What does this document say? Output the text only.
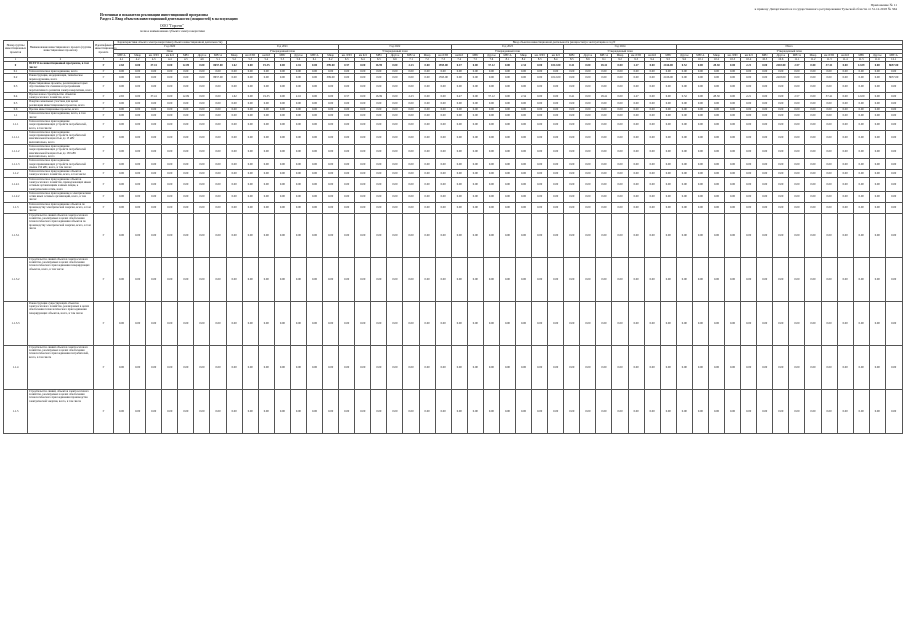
Приложение № 11
к приказу Департамента и государственного регулирования Тульской области от 31.12.2018 № 364
Источники и показатели реализации инвестиционной программы
Раздел 2. Ввод объектов инвестиционной деятельности (мощностей) в эксплуатацию
ООО "Горсети"
полное наименование субъекта электроэнергетики
Номер группы инвестиционных проектов	Наименование инвестиционного проекта (группы инвестиционных проектов)	Идентификатор инвестиционного проекта	Характеристики объекта электроэнергетики (объекта инвестиционной деятельности)							Ввод объектов инвестиционной деятельности (мощностей) в эксплуатацию в год N																																									
			Год 2020							Год 2021							Год 2022							Год 2023							Год 2024							Итого													
			План							Утвержденный план							Утвержденный план							Утвержденный план							Утвержденный план							Утвержденный план													
			МВ×А	Мвар	км ЛЭП	км КЛ	МВт	Другое	МВ×А	Мвар	км ЛЭП	км КЛ	МВт	Другое	МВ×А	Мвар	км ЛЭП	км КЛ	МВт	Другое	МВ×А	Мвар	км ЛЭП	км КЛ	МВт	Другое	МВ×А	Мвар	км ЛЭП	км КЛ	МВт	Другое	МВ×А	Мвар	км ЛЭП	км КЛ	МВт	Другое	МВ×А	Мвар	км ЛЭП	км КЛ	МВт	Другое	МВ×А	Мвар	км ЛЭП	км КЛ	МВт	Другое	МВ×А
1	2	3	4.1	4.2	4.3	4.4	4.5	4.6	5.1	5.2	5.3	5.4	5.5	5.6	6.1	6.2	6.3	6.4	6.5	6.6	7.1	7.2	7.3	7.4	7.5	7.6	8.1	8.2	8.3	8.4	8.5	8.6	9.1	9.2	9.3	9.4	9.5	9.6	10.1	10.2	10.3	10.4	10.5	10.6	11.1	11.2	11.3	11.4	11.5	11.6	12.1
0	ВСЕГО по инвестиционной программе, в том числе:	Г	2.65	0.00	37.41	0.00	12.09	0.00	8657.00	1.62	0.00	19.35	0.00	2.16	0.00	399.00	0.57	0.00	16.99	0.00	2.23	0.00	1595.00	0.47	0.00	37.12	0.00	2.34	0.00	1012.00	0.41	0.00	18.41	0.00	2.27	0.00	2166.00	0.52	0.00	28.30	0.00	2.21	0.00	2418.00	2.57	0.00	37.41	0.00	12.09	0.00	8657.00
0.1	Технологическое присоединение, всего	Г	0.00	0.00	0.00	0.00	0.00	0.00	0.00	0.00	0.00	0.00	0.00	0.00	0.00	0.00	0.00	0.00	0.00	0.00	0.00	0.00	0.00	0.00	0.00	0.00	0.00	0.00	0.00	0.00	0.00	0.00	0.00	0.00	0.00	0.00	0.00	0.00	0.00	0.00	0.00	0.00	0.00	0.00	0.00	0.00	0.00	0.00	0.00	0.00	0.00
0.2	Реконструкция, модернизация, техническое перевооружение, всего	Г	0.00	0.00	0.00	0.00	0.00	0.00	8657.00	0.00	0.00	0.00	0.00	0.00	0.00	399.00	0.00	0.00	0.00	0.00	0.00	0.00	1595.00	0.00	0.00	0.00	0.00	0.00	0.00	1012.00	0.00	0.00	0.00	0.00	0.00	0.00	2166.00	0.00	0.00	0.00	0.00	0.00	0.00	2418.00	0.00	0.00	0.00	0.00	0.00	0.00	8657.00
0.3	Инвестиционные проекты, реализация которых обуславливается схемами и программами перспективного развития электроэнергетики, всего	Г	0.00	0.00	0.00	0.00	0.00	0.00	0.00	0.00	0.00	0.00	0.00	0.00	0.00	0.00	0.00	0.00	0.00	0.00	0.00	0.00	0.00	0.00	0.00	0.00	0.00	0.00	0.00	0.00	0.00	0.00	0.00	0.00	0.00	0.00	0.00	0.00	0.00	0.00	0.00	0.00	0.00	0.00	0.00	0.00	0.00	0.00	0.00	0.00	0.00
0.4	Прочее новое строительство объектов электросетевого хозяйства, всего	Г	2.65	0.00	37.41	0.00	12.09	0.00	0.00	1.62	0.00	19.35	0.00	2.16	0.00	0.00	0.57	0.00	16.99	0.00	2.23	0.00	0.00	0.47	0.00	37.12	0.00	2.34	0.00	0.00	0.41	0.00	18.41	0.00	2.27	0.00	0.00	0.52	0.00	28.30	0.00	2.21	0.00	0.00	2.57	0.00	37.41	0.00	12.09	0.00	0.00
0.5	Покупка земельных участков для целей реализации инвестиционных проектов, всего	Г	0.00	0.00	0.00	0.00	0.00	0.00	0.00	0.00	0.00	0.00	0.00	0.00	0.00	0.00	0.00	0.00	0.00	0.00	0.00	0.00	0.00	0.00	0.00	0.00	0.00	0.00	0.00	0.00	0.00	0.00	0.00	0.00	0.00	0.00	0.00	0.00	0.00	0.00	0.00	0.00	0.00	0.00	0.00	0.00	0.00	0.00	0.00	0.00	0.00
0.6	Прочие инвестиционные проекты, всего	Г	0.00	0.00	0.00	0.00	0.00	0.00	0.00	0.00	0.00	0.00	0.00	0.00	0.00	0.00	0.00	0.00	0.00	0.00	0.00	0.00	0.00	0.00	0.00	0.00	0.00	0.00	0.00	0.00	0.00	0.00	0.00	0.00	0.00	0.00	0.00	0.00	0.00	0.00	0.00	0.00	0.00	0.00	0.00	0.00	0.00	0.00	0.00	0.00	0.00
1.1	Технологическое присоединение, всего, в том числе:	Г	0.00	0.00	0.00	0.00	0.00	0.00	0.00	0.00	0.00	0.00	0.00	0.00	0.00	0.00	0.00	0.00	0.00	0.00	0.00	0.00	0.00	0.00	0.00	0.00	0.00	0.00	0.00	0.00	0.00	0.00	0.00	0.00	0.00	0.00	0.00	0.00	0.00	0.00	0.00	0.00	0.00	0.00	0.00	0.00	0.00	0.00	0.00	0.00	0.00
1.1.1	Технологическое присоединение энергопринимающих устройств потребителей, всего, в том числе:	Г	0.00	0.00	0.00	0.00	0.00	0.00	0.00	0.00	0.00	0.00	0.00	0.00	0.00	0.00	0.00	0.00	0.00	0.00	0.00	0.00	0.00	0.00	0.00	0.00	0.00	0.00	0.00	0.00	0.00	0.00	0.00	0.00	0.00	0.00	0.00	0.00	0.00	0.00	0.00	0.00	0.00	0.00	0.00	0.00	0.00	0.00	0.00	0.00	0.00
1.1.1.1	Технологическое присоединение энергопринимающих устройств потребителей максимальной мощностью до 15 кВт включительно, всего	Г	0.00	0.00	0.00	0.00	0.00	0.00	0.00	0.00	0.00	0.00	0.00	0.00	0.00	0.00	0.00	0.00	0.00	0.00	0.00	0.00	0.00	0.00	0.00	0.00	0.00	0.00	0.00	0.00	0.00	0.00	0.00	0.00	0.00	0.00	0.00	0.00	0.00	0.00	0.00	0.00	0.00	0.00	0.00	0.00	0.00	0.00	0.00	0.00	0.00
1.1.1.2	Технологическое присоединение энергопринимающих устройств потребителей максимальной мощностью до 150 кВт включительно, всего	Г	0.00	0.00	0.00	0.00	0.00	0.00	0.00	0.00	0.00	0.00	0.00	0.00	0.00	0.00	0.00	0.00	0.00	0.00	0.00	0.00	0.00	0.00	0.00	0.00	0.00	0.00	0.00	0.00	0.00	0.00	0.00	0.00	0.00	0.00	0.00	0.00	0.00	0.00	0.00	0.00	0.00	0.00	0.00	0.00	0.00	0.00	0.00	0.00	0.00
1.1.1.3	Технологическое присоединение энергопринимающих устройств потребителей свыше 150 кВт, всего, в том числе:	Г	0.00	0.00	0.00	0.00	0.00	0.00	0.00	0.00	0.00	0.00	0.00	0.00	0.00	0.00	0.00	0.00	0.00	0.00	0.00	0.00	0.00	0.00	0.00	0.00	0.00	0.00	0.00	0.00	0.00	0.00	0.00	0.00	0.00	0.00	0.00	0.00	0.00	0.00	0.00	0.00	0.00	0.00	0.00	0.00	0.00	0.00	0.00	0.00	0.00
1.1.2	Технологическое присоединение объектов электросетевого хозяйства, всего, в том числе:	Г	0.00	0.00	0.00	0.00	0.00	0.00	0.00	0.00	0.00	0.00	0.00	0.00	0.00	0.00	0.00	0.00	0.00	0.00	0.00	0.00	0.00	0.00	0.00	0.00	0.00	0.00	0.00	0.00	0.00	0.00	0.00	0.00	0.00	0.00	0.00	0.00	0.00	0.00	0.00	0.00	0.00	0.00	0.00	0.00	0.00	0.00	0.00	0.00	0.00
1.1.2.1	Технологическое присоединение объектов электросетевого хозяйства, принадлежащих иным сетевым организациям и иным лицам, к электрическим сетям, всего	Г	0.00	0.00	0.00	0.00	0.00	0.00	0.00	0.00	0.00	0.00	0.00	0.00	0.00	0.00	0.00	0.00	0.00	0.00	0.00	0.00	0.00	0.00	0.00	0.00	0.00	0.00	0.00	0.00	0.00	0.00	0.00	0.00	0.00	0.00	0.00	0.00	0.00	0.00	0.00	0.00	0.00	0.00	0.00	0.00	0.00	0.00	0.00	0.00	0.00
1.1.2.2	Технологическое присоединение к электрическим сетям иных сетевых организаций, всего, в том числе:	Г	0.00	0.00	0.00	0.00	0.00	0.00	0.00	0.00	0.00	0.00	0.00	0.00	0.00	0.00	0.00	0.00	0.00	0.00	0.00	0.00	0.00	0.00	0.00	0.00	0.00	0.00	0.00	0.00	0.00	0.00	0.00	0.00	0.00	0.00	0.00	0.00	0.00	0.00	0.00	0.00	0.00	0.00	0.00	0.00	0.00	0.00	0.00	0.00	0.00
1.1.3	Технологическое присоединение объектов по производству электрической энергии, всего, в том числе:	Г	0.00	0.00	0.00	0.00	0.00	0.00	0.00	0.00	0.00	0.00	0.00	0.00	0.00	0.00	0.00	0.00	0.00	0.00	0.00	0.00	0.00	0.00	0.00	0.00	0.00	0.00	0.00	0.00	0.00	0.00	0.00	0.00	0.00	0.00	0.00	0.00	0.00	0.00	0.00	0.00	0.00	0.00	0.00	0.00	0.00	0.00	0.00	0.00	0.00
1.1.3.1	Строительство линий объектов электросетевого хозяйства, реализуемых в целях обеспечения технологического присоединения объектов по производству электрической энергии, всего, в том числе	Г	0.00	0.00	0.00	0.00	0.00	0.00	0.00	0.00	0.00	0.00	0.00	0.00	0.00	0.00	0.00	0.00	0.00	0.00	0.00	0.00	0.00	0.00	0.00	0.00	0.00	0.00	0.00	0.00	0.00	0.00	0.00	0.00	0.00	0.00	0.00	0.00	0.00	0.00	0.00	0.00	0.00	0.00	0.00	0.00	0.00	0.00	0.00	0.00	0.00
1.1.3.2	Строительство линий объектов электросетевого хозяйства, реализуемых в целях обеспечения технологического присоединения генерирующих объектов, всего, в том числе	Г	0.00	0.00	0.00	0.00	0.00	0.00	0.00	0.00	0.00	0.00	0.00	0.00	0.00	0.00	0.00	0.00	0.00	0.00	0.00	0.00	0.00	0.00	0.00	0.00	0.00	0.00	0.00	0.00	0.00	0.00	0.00	0.00	0.00	0.00	0.00	0.00	0.00	0.00	0.00	0.00	0.00	0.00	0.00	0.00	0.00	0.00	0.00	0.00	0.00
1.1.3.3	Реконструкция существующих объектов электросетевого хозяйства, реализуемых в целях обеспечения технологического присоединения генерирующих объектов, всего, в том числе	Г	0.00	0.00	0.00	0.00	0.00	0.00	0.00	0.00	0.00	0.00	0.00	0.00	0.00	0.00	0.00	0.00	0.00	0.00	0.00	0.00	0.00	0.00	0.00	0.00	0.00	0.00	0.00	0.00	0.00	0.00	0.00	0.00	0.00	0.00	0.00	0.00	0.00	0.00	0.00	0.00	0.00	0.00	0.00	0.00	0.00	0.00	0.00	0.00	0.00
1.1.4	Строительство линий объектов электросетевого хозяйства, реализуемых в целях обеспечения технологического присоединения потребителей, всего, в том числе	Г	0.00	0.00	0.00	0.00	0.00	0.00	0.00	0.00	0.00	0.00	0.00	0.00	0.00	0.00	0.00	0.00	0.00	0.00	0.00	0.00	0.00	0.00	0.00	0.00	0.00	0.00	0.00	0.00	0.00	0.00	0.00	0.00	0.00	0.00	0.00	0.00	0.00	0.00	0.00	0.00	0.00	0.00	0.00	0.00	0.00	0.00	0.00	0.00	0.00
1.1.5	Строительство линий, объектов электросетевого хозяйства, реализуемых в целях обеспечения технологического присоединения производства электрической энергии, всего, в том числе	Г	0.00	0.00	0.00	0.00	0.00	0.00	0.00	0.00	0.00	0.00	0.00	0.00	0.00	0.00	0.00	0.00	0.00	0.00	0.00	0.00	0.00	0.00	0.00	0.00	0.00	0.00	0.00	0.00	0.00	0.00	0.00	0.00	0.00	0.00	0.00	0.00	0.00	0.00	0.00	0.00	0.00	0.00	0.00	0.00	0.00	0.00	0.00	0.00	0.00
